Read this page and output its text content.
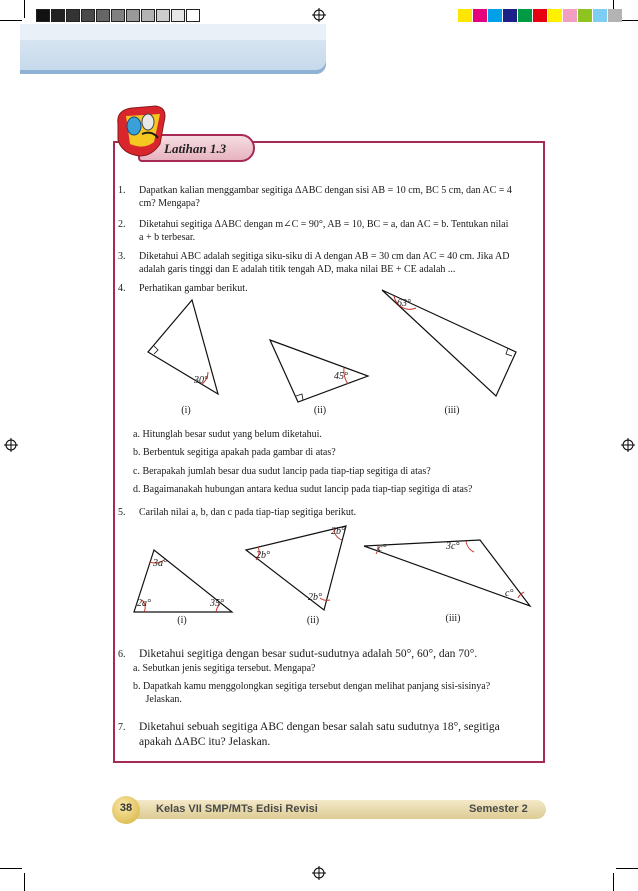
Latihan 1.3
1. Dapatkan kalian menggambar segitiga ΔABC dengan sisi AB = 10 cm, BC 5 cm, dan AC = 4
cm? Mengapa?
2. Diketahui segitiga ΔABC dengan m∠C = 90°, AB = 10, BC = a, dan AC = b. Tentukan nilai
a + b terbesar.
3. Diketahui ABC adalah segitiga siku-siku di A dengan AB = 30 cm dan AC = 40 cm. Jika AD
adalah garis tinggi dan E adalah titik tengah AD, maka nilai BE + CE adalah ...
4. Perhatikan gambar berikut.
30°	45°
63°
(i)	(ii)	(iii)
a. Hitunglah besar sudut yang belum diketahui.
b. Berbentuk segitiga apakah pada gambar di atas?
c. Berapakah jumlah besar dua sudut lancip pada tiap-tiap segitiga di atas?
d. Bagaimanakah hubungan antara kedua sudut lancip pada tiap-tiap segitiga di atas?
5. Carilah nilai a, b, dan c pada tiap-tiap segitiga berikut.
3a°
2a°	35°
2b°
2b°
2b°
c°	3c°
c°
(i)	(ii)	(iii)
6. Diketahui segitiga dengan besar sudut-sudutnya adalah 50°, 60°, dan 70°.
a. Sebutkan jenis segitiga tersebut. Mengapa?
b. Dapatkah kamu menggolongkan segitiga tersebut dengan melihat panjang sisi-sisinya?
Jelaskan.
7. Diketahui sebuah segitiga ABC dengan besar salah satu sudutnya 18°, segitiga
apakah ΔABC itu? Jelaskan.
38	Kelas VII SMP/MTs Edisi Revisi	Semester 2
